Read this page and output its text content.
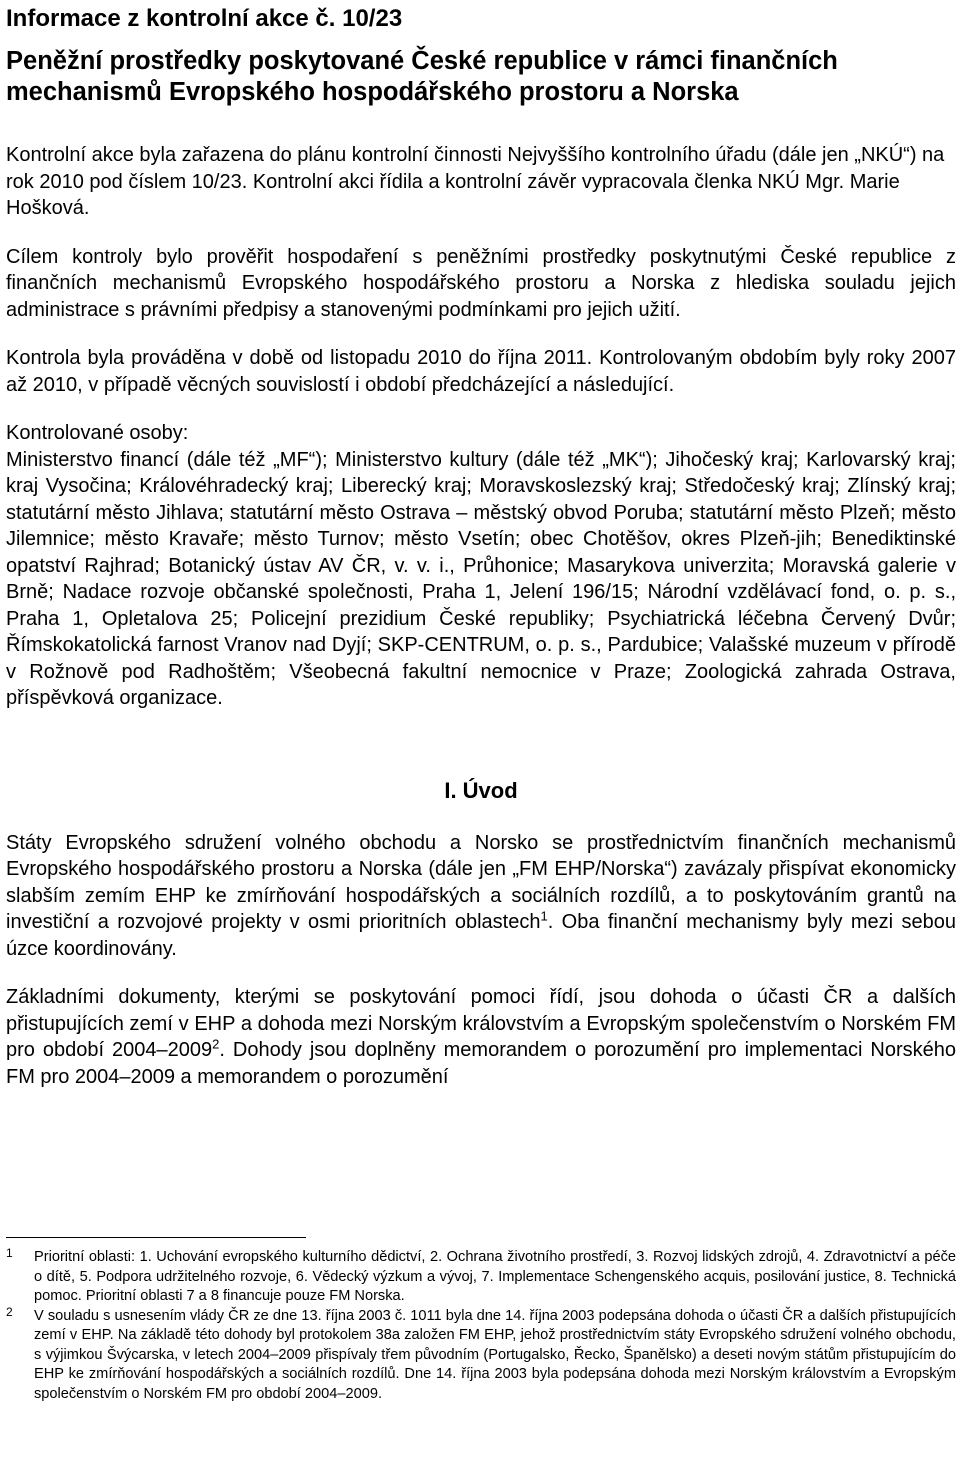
Informace z kontrolní akce č. 10/23
Peněžní prostředky poskytované České republice v rámci finančních mechanismů Evropského hospodářského prostoru a Norska
Kontrolní akce byla zařazena do plánu kontrolní činnosti Nejvyššího kontrolního úřadu (dále jen „NKÚ“) na rok 2010 pod číslem 10/23. Kontrolní akci řídila a kontrolní závěr vypracovala členka NKÚ Mgr. Marie Hošková.

Cílem kontroly bylo prověřit hospodaření s peněžními prostředky poskytnutými České republice z finančních mechanismů Evropského hospodářského prostoru a Norska z hlediska souladu jejich administrace s právními předpisy a stanovenými podmínkami pro jejich užití.

Kontrola byla prováděna v době od listopadu 2010 do října 2011. Kontrolovaným obdobím byly roky 2007 až 2010, v případě věcných souvislostí i období předcházející a následující.

Kontrolované osoby:

Ministerstvo financí (dále též „MF“); Ministerstvo kultury (dále též „MK“); Jihočeský kraj; Karlovarský kraj; kraj Vysočina; Královéhradecký kraj; Liberecký kraj; Moravskoslezský kraj; Středočeský kraj; Zlínský kraj; statutární město Jihlava; statutární město Ostrava – městský obvod Poruba; statutární město Plzeň; město Jilemnice; město Kravaře; město Turnov; město Vsetín; obec Chotěšov, okres Plzeň-jih; Benediktinské opatství Rajhrad; Botanický ústav AV ČR, v. v. i., Průhonice; Masarykova univerzita; Moravská galerie v Brně; Nadace rozvoje občanské společnosti, Praha 1, Jelení 196/15; Národní vzdělávací fond, o. p. s., Praha 1, Opletalova 25; Policejní prezidium České republiky; Psychiatrická léčebna Červený Dvůr; Římskokatolická farnost Vranov nad Dyjí; SKP-CENTRUM, o. p. s., Pardubice; Valašské muzeum v přírodě v Rožnově pod Radhoštěm; Všeobecná fakultní nemocnice v Praze; Zoologická zahrada Ostrava, příspěvková organizace.

I. Úvod

Státy Evropského sdružení volného obchodu a Norsko se prostřednictvím finančních mechanismů Evropského hospodářského prostoru a Norska (dále jen „FM EHP/Norska“) zavázaly přispívat ekonomicky slabším zemím EHP ke zmírňování hospodářských a sociálních rozdílů, a to poskytováním grantů na investiční a rozvojové projekty v osmi prioritních oblastech$^1$. Oba finanční mechanismy byly mezi sebou úzce koordinovány.

Základními dokumenty, kterými se poskytování pomoci řídí, jsou dohoda o účasti ČR a dalších přistupujících zemí v EHP a dohoda mezi Norským královstvím a Evropským společenstvím o Norském FM pro období 2004–2009$^2$. Dohody jsou doplněny memorandem o porozumění pro implementaci Norského FM pro 2004–2009 a memorandem o porozumění

1 Prioritní oblasti: 1. Uchování evropského kulturního dědictví, 2. Ochrana životního prostředí, 3. Rozvoj lidských zdrojů, 4. Zdravotnictví a péče o dítě, 5. Podpora udržitelného rozvoje, 6. Vědecký výzkum a vývoj, 7. Implementace Schengenského acquis, posilování justice, 8. Technická pomoc. Prioritní oblasti 7 a 8 financuje pouze FM Norska.
2 V souladu s usnesením vlády ČR ze dne 13. října 2003 č. 1011 byla dne 14. října 2003 podepsána dohoda o účasti ČR a dalších přistupujících zemí v EHP. Na základě této dohody byl protokolem 38a založen FM EHP, jehož prostřednictvím státy Evropského sdružení volného obchodu, s výjimkou Švýcarska, v letech 2004–2009 přispívaly třem původním (Portugalsko, Řecko, Španělsko) a deseti novým státům přistupujícím do EHP ke zmírňování hospodářských a sociálních rozdílů. Dne 14. října 2003 byla podepsána dohoda mezi Norským královstvím a Evropským společenstvím o Norském FM pro období 2004–2009.
